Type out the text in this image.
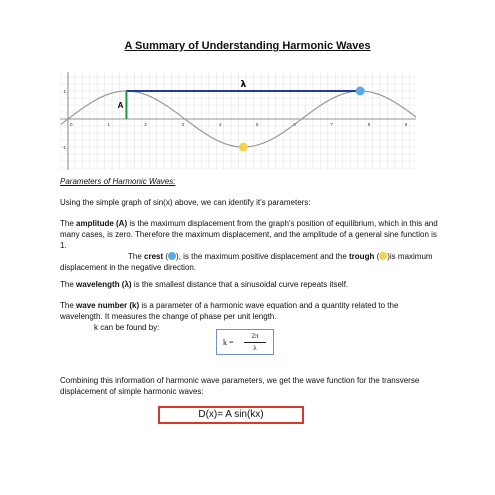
A Summary of Understanding Harmonic Waves
0	1	2	3	4	5	6	7	8	9
1
-1
λ
A
Parameters of Harmonic Waves:
Using the simple graph of sin(x) above, we can identify it's parameters:
The amplitude (A) is the maximum displacement from the graph's position of equilibrium, which in this and many cases, is zero. Therefore the maximum displacement, and the amplitude of a general sine function is 1.
The crest ( ), is the maximum positive displacement and the trough ( )is maximum displacement in the negative direction.
The wavelength (λ) is the smallest distance that a sinusoidal curve repeats itself.
The wave number (k) is a parameter of a harmonic wave equation and a quantity related to the wavelength. It measures the change of phase per unit length.
k can be found by:
k =
2π
λ
Combining this information of harmonic wave parameters, we get the wave function for the transverse displacement of simple harmonic waves:
D(x)= A sin(kx)
